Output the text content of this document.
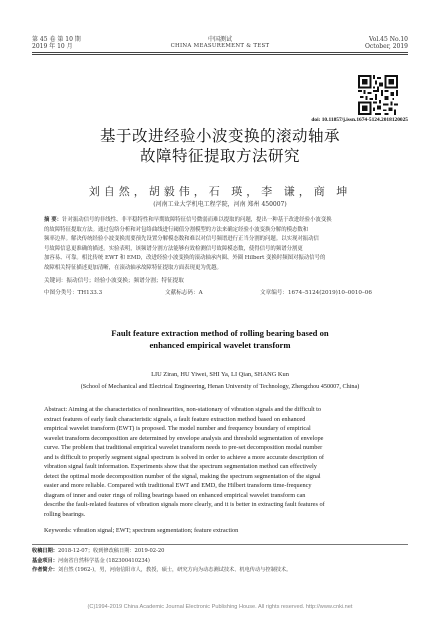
第 45 卷 第 10 期
2019 年 10 月
中国测试
CHINA MEASUREMENT & TEST
Vol.45 No.10
October, 2019
doi: 10.11857/j.issn.1674-5124.2018120025
基于改进经验小波变换的滚动轴承
故障特征提取方法研究
刘自然，胡毅伟，石 瑛，李 谦，商 坤
(河南工业大学机电工程学院，河南 郑州 450007)
摘 要：针对振动信号的非线性、非平稳特性和早期故障特征信号微弱而难以提取的问题，提出一种基于改进经验小波变换
的故障特征提取方法。通过包络分析和对包络曲线进行阈值分割模型的方法来确定经验小波变换分解的模态数和
频率边界。解决传统经验小波变换需要预先设置分解模态数和难以对信号频谱进行正当分割的问题。以实现对振动信
号故障信息更准确的描述。实验表明，该频谱分割方法能够有效检测信号故障模态数，使得信号的频谱分割更
加容易、可靠。相比传统 EWT 和 EMD，改进经验小波变换的滚动轴承内圈、外圈 Hilbert 变换时频图对振动信号的
故障相关特征描述更加清晰，在滚动轴承故障特征提取方面表现更为优越。
关键词：振动信号；经验小波变换；频谱分割；特征提取
中图分类号：TH133.3	文献标志码：A	文章编号：1674–5124(2019)10–0010–06
Fault feature extraction method of rolling bearing based on
enhanced empirical wavelet transform
LIU Ziran, HU Yiwei, SHI Ya, LI Qian, SHANG Kun
(School of Mechanical and Electrical Engineering, Henan University of Technology, Zhengzhou 450007, China)
Abstract: Aiming at the characteristics of nonlinearities, non-stationary of vibration signals and the difficult to
extract features of early fault characteristic signals, a fault feature extraction method based on enhanced
empirical wavelet transform (EWT) is proposed. The model number and frequency boundary of empirical
wavelet transform decomposition are determined by envelope analysis and threshold segmentation of envelope
curve. The problem that traditional empirical wavelet transform needs to pre-set decomposition modal number
and is difficult to properly segment signal spectrum is solved in order to achieve a more accurate description of
vibration signal fault information. Experiments show that the spectrum segmentation method can effectively
detect the optimal mode decomposition number of the signal, making the spectrum segmentation of the signal
easier and more reliable. Compared with traditional EWT and EMD, the Hilbert transform time-frequency
diagram of inner and outer rings of rolling bearings based on enhanced empirical wavelet transform can
describe the fault-related features of vibration signals more clearly, and it is better in extracting fault features of
rolling bearings.
Keywords: vibration signal; EWT; spectrum segmentation; feature extraction
收稿日期：2018-12-07；收到修改稿日期：2019-02-20
基金项目：河南省自然科学基金 (182300410234)
作者简介：刘自然 (1962-)，男，河南信阳市人，教授，硕士，研究方向为动态测试技术、机电传动与控制技术。
(C)1994-2019 China Academic Journal Electronic Publishing House. All rights reserved. http://www.cnki.net
